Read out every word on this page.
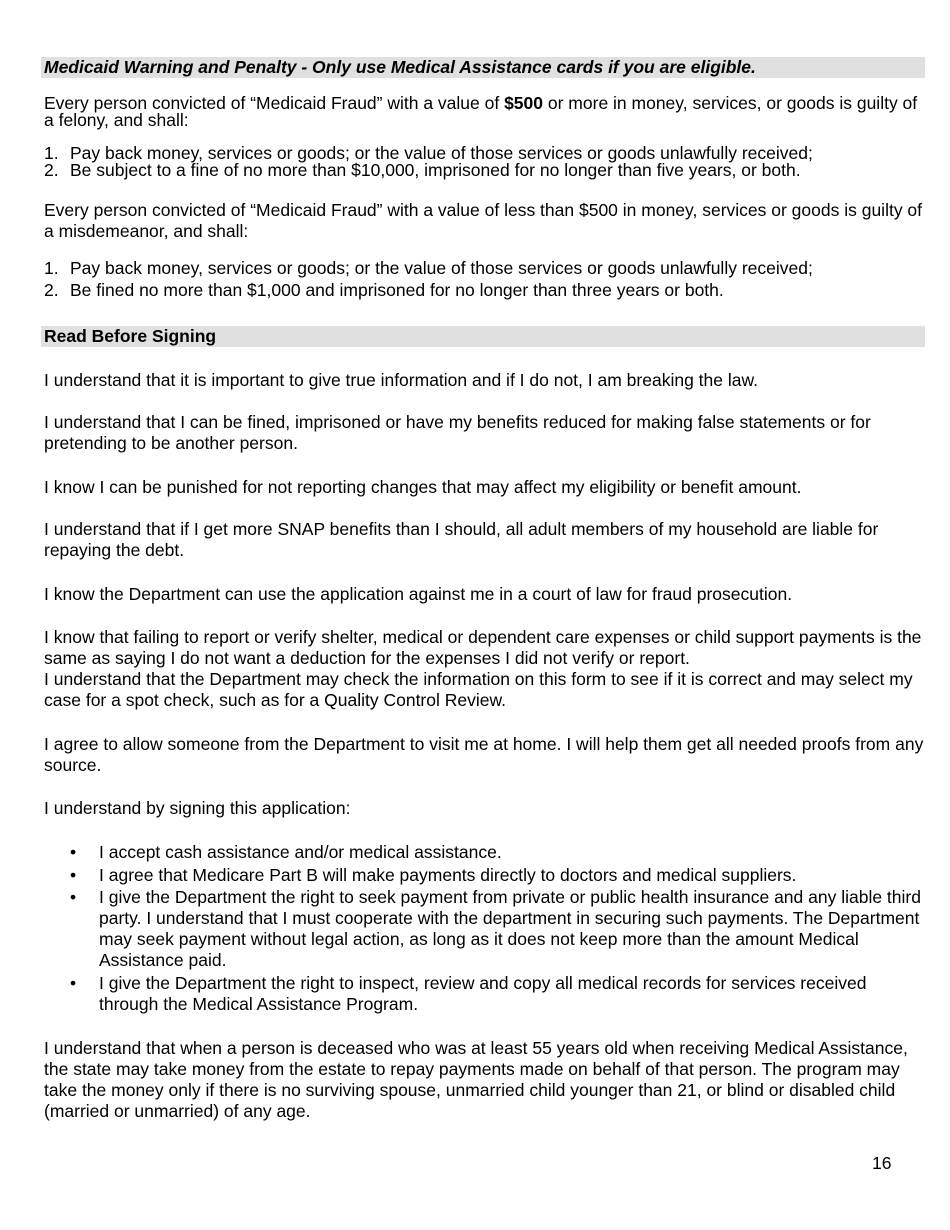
Medicaid Warning and Penalty - Only use Medical Assistance cards if you are eligible.

Every person convicted of “Medicaid Fraud” with a value of $500 or more in money, services, or goods is guilty of a felony, and shall:

1. Pay back money, services or goods; or the value of those services or goods unlawfully received;
2. Be subject to a fine of no more than $10,000, imprisoned for no longer than five years, or both.

Every person convicted of “Medicaid Fraud” with a value of less than $500 in money, services or goods is guilty of a misdemeanor, and shall:

1. Pay back money, services or goods; or the value of those services or goods unlawfully received;
2. Be fined no more than $1,000 and imprisoned for no longer than three years or both.
Read Before Signing

I understand that it is important to give true information and if I do not, I am breaking the law.

I understand that I can be fined, imprisoned or have my benefits reduced for making false statements or for pretending to be another person.

I know I can be punished for not reporting changes that may affect my eligibility or benefit amount.

I understand that if I get more SNAP benefits than I should, all adult members of my household are liable for repaying the debt.

I know the Department can use the application against me in a court of law for fraud prosecution.

I know that failing to report or verify shelter, medical or dependent care expenses or child support payments is the same as saying I do not want a deduction for the expenses I did not verify or report.

I understand that the Department may check the information on this form to see if it is correct and may select my case for a spot check, such as for a Quality Control Review.

I agree to allow someone from the Department to visit me at home. I will help them get all needed proofs from any source.

I understand by signing this application:

• I accept cash assistance and/or medical assistance.
• I agree that Medicare Part B will make payments directly to doctors and medical suppliers.
• I give the Department the right to seek payment from private or public health insurance and any liable third party. I understand that I must cooperate with the department in securing such payments. The Department may seek payment without legal action, as long as it does not keep more than the amount Medical Assistance paid.
• I give the Department the right to inspect, review and copy all medical records for services received through the Medical Assistance Program.

I understand that when a person is deceased who was at least 55 years old when receiving Medical Assistance, the state may take money from the estate to repay payments made on behalf of that person. The program may take the money only if there is no surviving spouse, unmarried child younger than 21, or blind or disabled child (married or unmarried) of any age.

16
